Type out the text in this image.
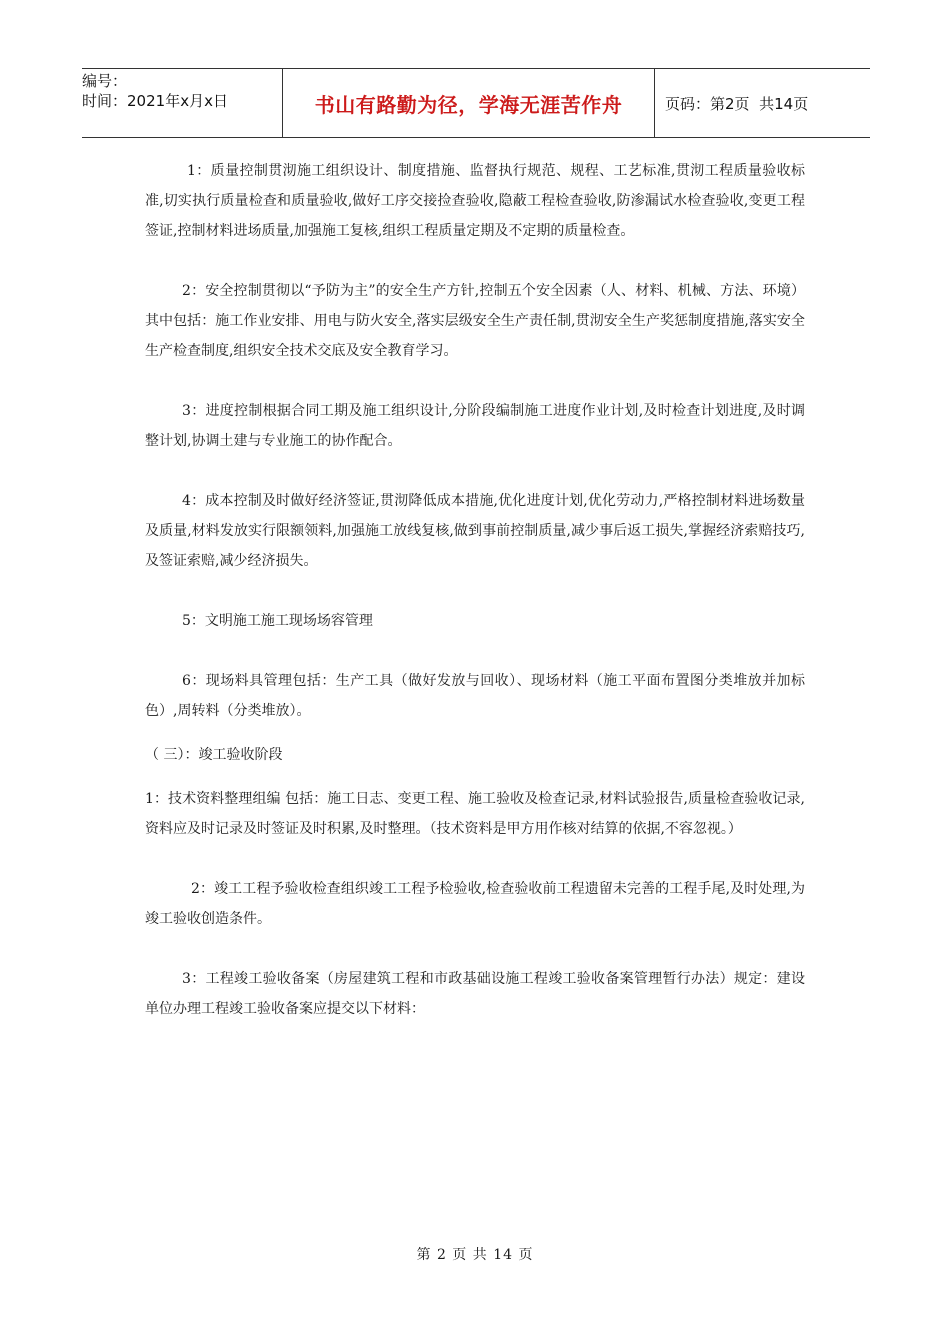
编号：
时间：2021年x月x日	书山有路勤为径，学海无涯苦作舟	页码： 第2页
共14页

1：质量控制贯沏施工组织设计、制度措施、监督执行规范、规程、工艺标准,贯沏工程质量验收标准,切实执行质量检查和质量验收,做好工序交接捡查验收,隐蔽工程检查验收,防渗漏试水检查验收,变更工程签证,控制材料进场质量,加强施工复核,组织工程质量定期及不定期的质量检查。

2：安全控制贯彻以“予防为主”的安全生产方针,控制五个安全因素（人、材料、机械、方法、环境）其中包括：施工作业安排、用电与防火安全,落实层级安全生产责任制,贯沏安全生产奖惩制度措施,落实安全生产检查制度,组织安全技术交底及安全教育学习。

3：进度控制根据合同工期及施工组织设计,分阶段编制施工进度作业计划,及时检查计划进度,及时调整计划,协调土建与专业施工的协作配合。

4：成本控制及时做好经济签证,贯沏降低成本措施,优化进度计划,优化劳动力,严格控制材料进场数量及质量,材料发放实行限额领料,加强施工放线复核,做到事前控制质量,减少事后返工损失,掌握经济索赔技巧,及签证索赔,减少经济损失。

5：文明施工施工现场场容管理

6：现场料具管理包括：生产工具（做好发放与回收）、现场材料（施工平面布置图分类堆放并加标色）,周转料（分类堆放）。

（ 三）：竣工验收阶段

1：技术资料整理组编 包括：施工日志、变更工程、施工验收及检查记录,材料试验报告,质量检查验收记录,资料应及时记录及时签证及时积累,及时整理。（技术资料是甲方用作核对结算的依据,不容忽视。）

2：竣工工程予验收检查组织竣工工程予检验收,检查验收前工程遗留未完善的工程手尾,及时处理,为竣工验收创造条件。

3：工程竣工验收备案（房屋建筑工程和市政基础设施工程竣工验收备案管理暂行办法）规定：建设单位办理工程竣工验收备案应提交以下材料：

第 2 页 共 14 页
